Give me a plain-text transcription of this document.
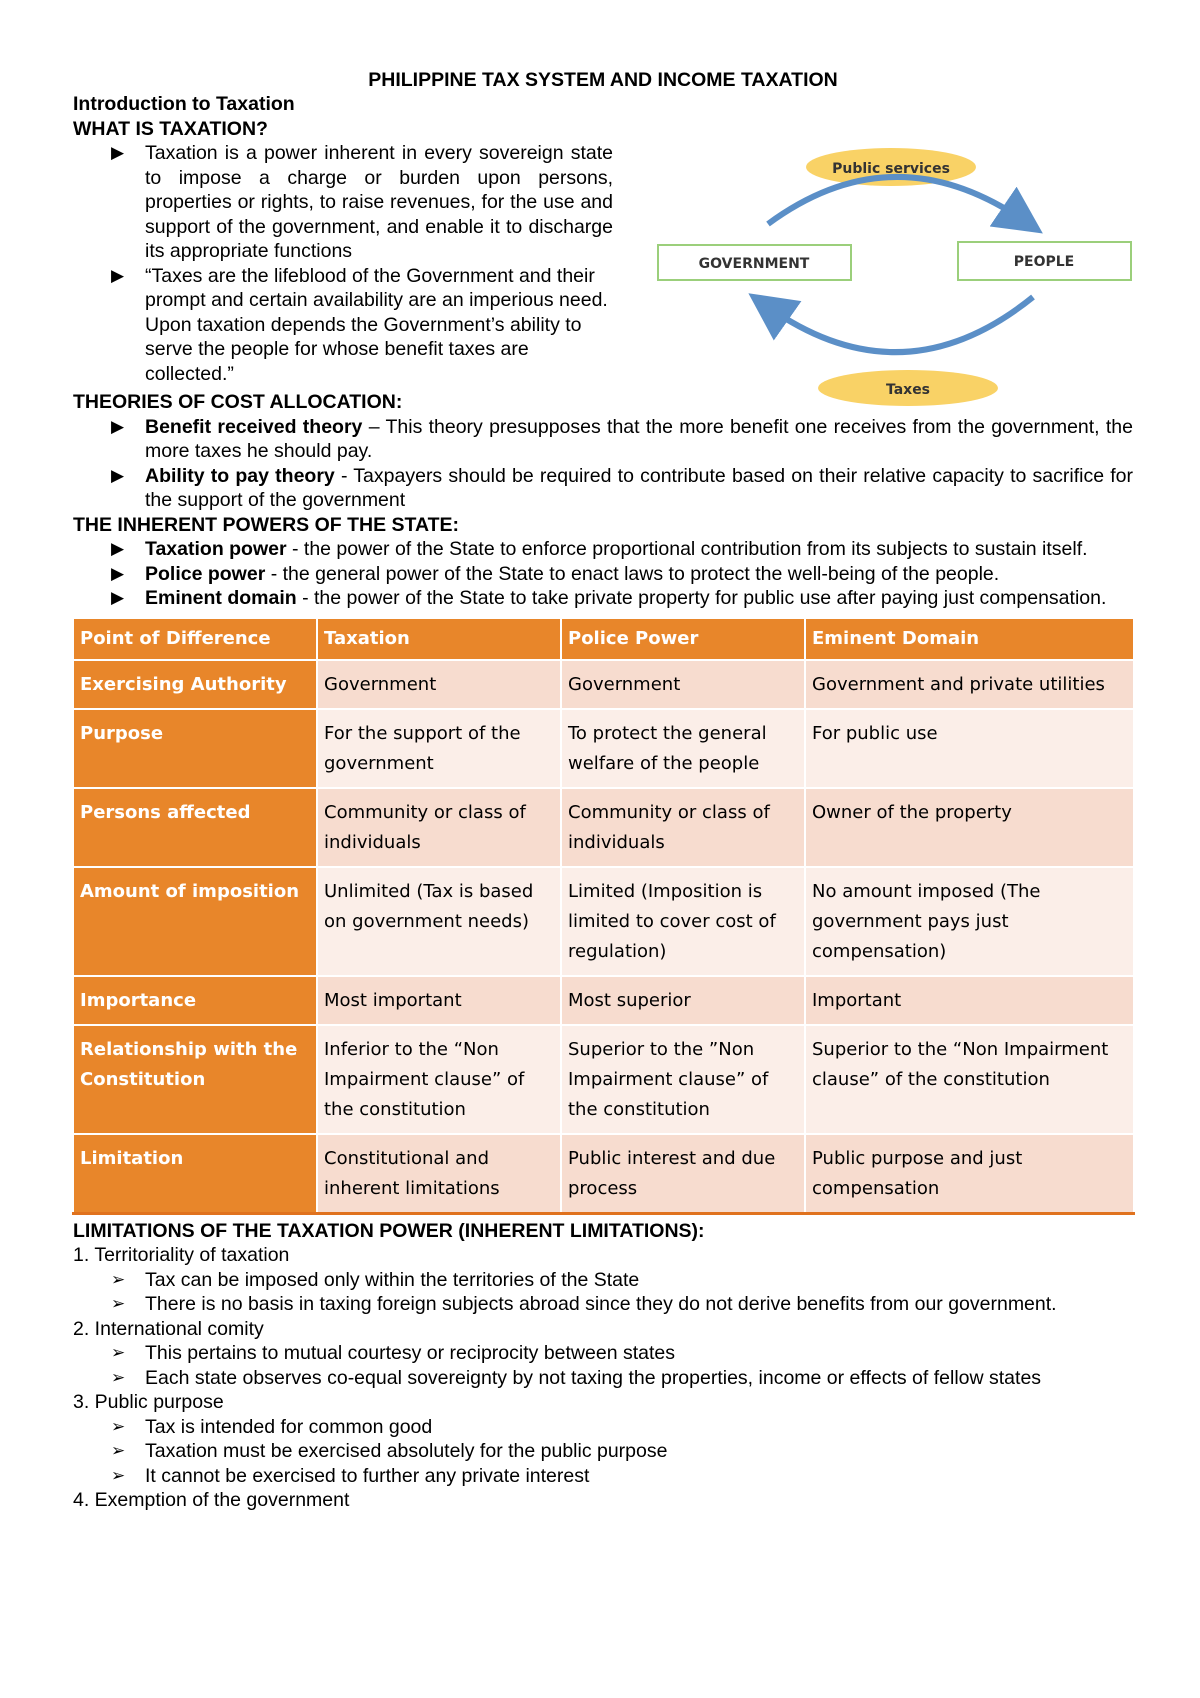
PHILIPPINE TAX SYSTEM AND INCOME TAXATION

Introduction to Taxation
WHAT IS TAXATION?
▶ Taxation is a power inherent in every sovereign state to impose a charge or burden upon persons, properties or rights, to raise revenues, for the use and support of the government, and enable it to discharge its appropriate functions
▶ “Taxes are the lifeblood of the Government and their prompt and certain availability are an imperious need. Upon taxation depends the Government’s ability to serve the people for whose benefit taxes are collected.”
Public services
GOVERNMENT	PEOPLE
Taxes
THEORIES OF COST ALLOCATION:
▶ Benefit received theory – This theory presupposes that the more benefit one receives from the government, the more taxes he should pay.
▶ Ability to pay theory - Taxpayers should be required to contribute based on their relative capacity to sacrifice for the support of the government
THE INHERENT POWERS OF THE STATE:
▶ Taxation power - the power of the State to enforce proportional contribution from its subjects to sustain itself.
▶ Police power - the general power of the State to enact laws to protect the well-being of the people.
▶ Eminent domain - the power of the State to take private property for public use after paying just compensation.
Point of Difference	Taxation	Police Power	Eminent Domain
Exercising Authority	Government	Government	Government and private utilities
Purpose	For the support of the government	To protect the general welfare of the people	For public use
Persons affected	Community or class of individuals	Community or class of individuals	Owner of the property
Amount of imposition	Unlimited (Tax is based on government needs)	Limited (Imposition is limited to cover cost of regulation)	No amount imposed (The government pays just compensation)
Importance	Most important	Most superior	Important
Relationship with the Constitution	Inferior to the “Non Impairment clause” of the constitution	Superior to the ”Non Impairment clause” of the constitution	Superior to the “Non Impairment clause” of the constitution
Limitation	Constitutional and inherent limitations	Public interest and due process	Public purpose and just compensation
LIMITATIONS OF THE TAXATION POWER (INHERENT LIMITATIONS):
1. Territoriality of taxation
➢ Tax can be imposed only within the territories of the State
➢ There is no basis in taxing foreign subjects abroad since they do not derive benefits from our government.
2. International comity
➢ This pertains to mutual courtesy or reciprocity between states
➢ Each state observes co-equal sovereignty by not taxing the properties, income or effects of fellow states
3. Public purpose
➢ Tax is intended for common good
➢ Taxation must be exercised absolutely for the public purpose
➢ It cannot be exercised to further any private interest
4. Exemption of the government
